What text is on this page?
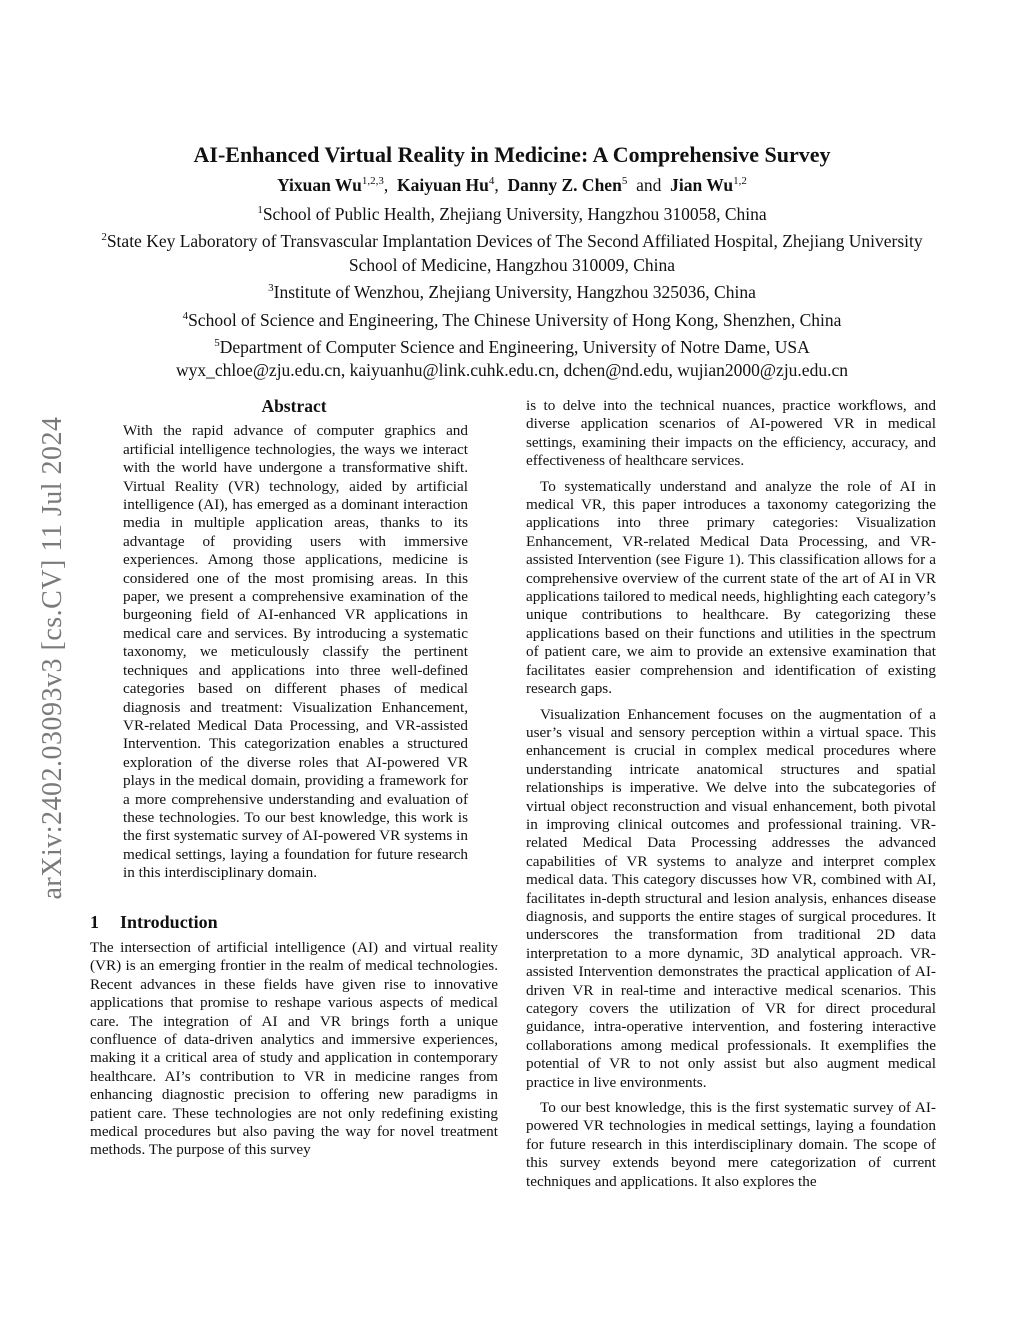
arXiv:2402.03093v3 [cs.CV] 11 Jul 2024
AI-Enhanced Virtual Reality in Medicine: A Comprehensive Survey
Yixuan Wu$^{1,2,3}$,  Kaiyuan Hu$^4$,  Danny Z. Chen$^5$ and Jian Wu$^{1,2}$

$^1$School of Public Health, Zhejiang University, Hangzhou 310058, China

$^2$State Key Laboratory of Transvascular Implantation Devices of The Second Affiliated Hospital, Zhejiang University School of Medicine, Hangzhou 310009, China

$^3$Institute of Wenzhou, Zhejiang University, Hangzhou 325036, China

$^4$School of Science and Engineering, The Chinese University of Hong Kong, Shenzhen, China

$^5$Department of Computer Science and Engineering, University of Notre Dame, USA

wyx_chloe@zju.edu.cn, kaiyuanhu@link.cuhk.edu.cn, dchen@nd.edu, wujian2000@zju.edu.cn

Abstract

With the rapid advance of computer graphics and artificial intelligence technologies, the ways we interact with the world have undergone a transformative shift. Virtual Reality (VR) technology, aided by artificial intelligence (AI), has emerged as a dominant interaction media in multiple application areas, thanks to its advantage of providing users with immersive experiences. Among those applications, medicine is considered one of the most promising areas. In this paper, we present a comprehensive examination of the burgeoning field of AI-enhanced VR applications in medical care and services. By introducing a systematic taxonomy, we meticulously classify the pertinent techniques and applications into three well-defined categories based on different phases of medical diagnosis and treatment: Visualization Enhancement, VR-related Medical Data Processing, and VR-assisted Intervention. This categorization enables a structured exploration of the diverse roles that AI-powered VR plays in the medical domain, providing a framework for a more comprehensive understanding and evaluation of these technologies. To our best knowledge, this work is the first systematic survey of AI-powered VR systems in medical settings, laying a foundation for future research in this interdisciplinary domain.

1 Introduction

The intersection of artificial intelligence (AI) and virtual reality (VR) is an emerging frontier in the realm of medical technologies. Recent advances in these fields have given rise to innovative applications that promise to reshape various aspects of medical care. The integration of AI and VR brings forth a unique confluence of data-driven analytics and immersive experiences, making it a critical area of study and application in contemporary healthcare. AI’s contribution to VR in medicine ranges from enhancing diagnostic precision to offering new paradigms in patient care. These technologies are not only redefining existing medical procedures but also paving the way for novel treatment methods. The purpose of this survey

is to delve into the technical nuances, practice workflows, and diverse application scenarios of AI-powered VR in medical settings, examining their impacts on the efficiency, accuracy, and effectiveness of healthcare services.

To systematically understand and analyze the role of AI in medical VR, this paper introduces a taxonomy categorizing the applications into three primary categories: Visualization Enhancement, VR-related Medical Data Processing, and VR-assisted Intervention (see Figure 1). This classification allows for a comprehensive overview of the current state of the art of AI in VR applications tailored to medical needs, highlighting each category’s unique contributions to healthcare. By categorizing these applications based on their functions and utilities in the spectrum of patient care, we aim to provide an extensive examination that facilitates easier comprehension and identification of existing research gaps.

Visualization Enhancement focuses on the augmentation of a user’s visual and sensory perception within a virtual space. This enhancement is crucial in complex medical procedures where understanding intricate anatomical structures and spatial relationships is imperative. We delve into the subcategories of virtual object reconstruction and visual enhancement, both pivotal in improving clinical outcomes and professional training. VR-related Medical Data Processing addresses the advanced capabilities of VR systems to analyze and interpret complex medical data. This category discusses how VR, combined with AI, facilitates in-depth structural and lesion analysis, enhances disease diagnosis, and supports the entire stages of surgical procedures. It underscores the transformation from traditional 2D data interpretation to a more dynamic, 3D analytical approach. VR-assisted Intervention demonstrates the practical application of AI-driven VR in real-time and interactive medical scenarios. This category covers the utilization of VR for direct procedural guidance, intra-operative intervention, and fostering interactive collaborations among medical professionals. It exemplifies the potential of VR to not only assist but also augment medical practice in live environments.

To our best knowledge, this is the first systematic survey of AI-powered VR technologies in medical settings, laying a foundation for future research in this interdisciplinary domain. The scope of this survey extends beyond mere categorization of current techniques and applications. It also explores the
